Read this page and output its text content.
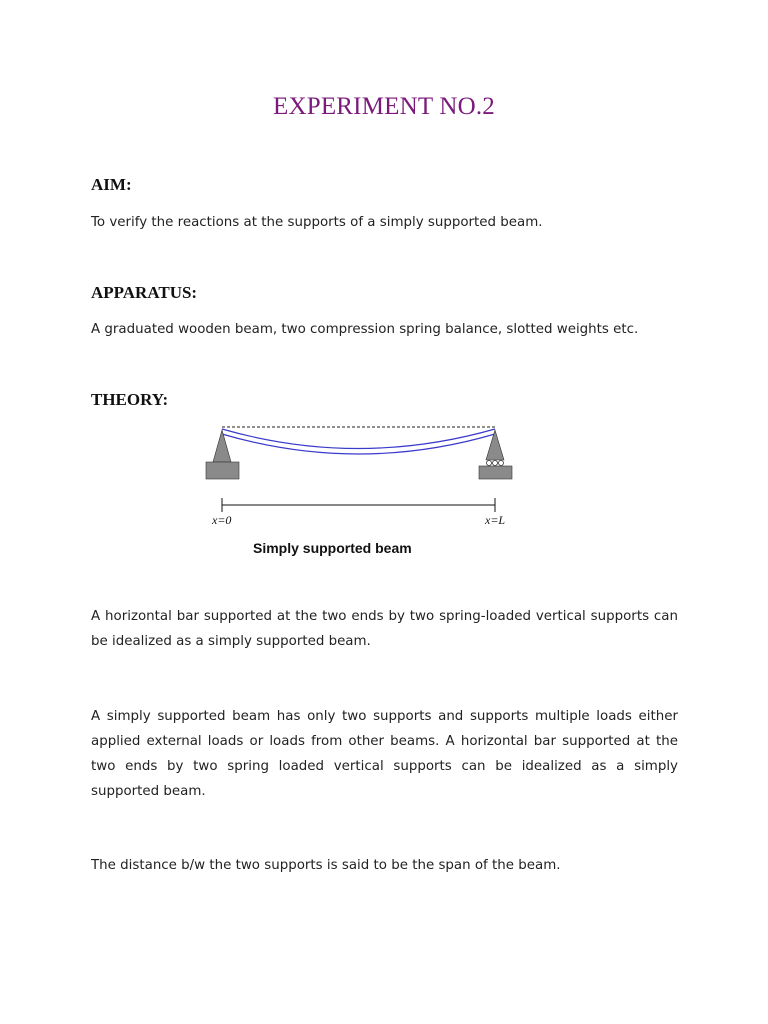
EXPERIMENT NO.2
AIM:
To verify the reactions at the supports of a simply supported beam.
APPARATUS:
A graduated wooden beam, two compression spring balance, slotted weights etc.
THEORY:
x=0	x=L
Simply supported beam
A horizontal bar supported at the two ends by two spring-loaded vertical supports can be idealized as a simply supported beam.
A simply supported beam has only two supports and supports multiple loads either applied external loads or loads from other beams. A horizontal bar supported at the two ends by two spring loaded vertical supports can be idealized as a simply supported beam.
The distance b/w the two supports is said to be the span of the beam.
